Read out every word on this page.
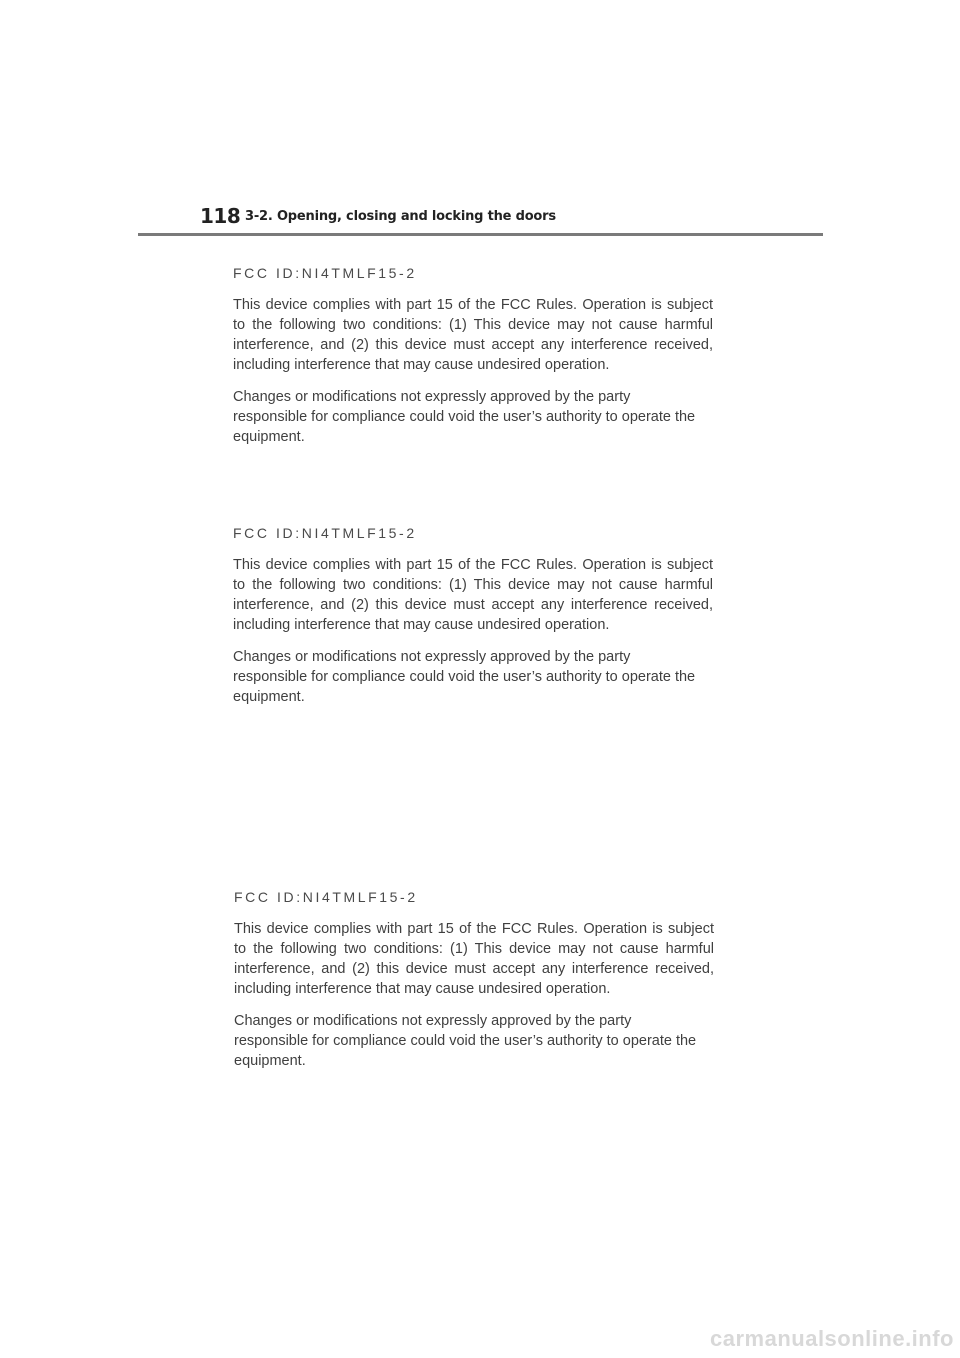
118 3-2. Opening, closing and locking the doors
FCC ID:NI4TMLF15-2

This device complies with part 15 of the FCC Rules. Operation is subject to the following two conditions: (1) This device may not cause harmful interference, and (2) this device must accept any interference received, including interference that may cause undesired operation.

Changes or modifications not expressly approved by the party responsible for compliance could void the user’s authority to operate the equipment.

FCC ID:NI4TMLF15-2

This device complies with part 15 of the FCC Rules. Operation is subject to the following two conditions: (1) This device may not cause harmful interference, and (2) this device must accept any interference received, including interference that may cause undesired operation.

Changes or modifications not expressly approved by the party responsible for compliance could void the user’s authority to operate the equipment.

FCC ID:NI4TMLF15-2

This device complies with part 15 of the FCC Rules. Operation is subject to the following two conditions: (1) This device may not cause harmful interference, and (2) this device must accept any interference received, including interference that may cause undesired operation.

Changes or modifications not expressly approved by the party responsible for compliance could void the user’s authority to operate the equipment.

carmanualsonline.info
